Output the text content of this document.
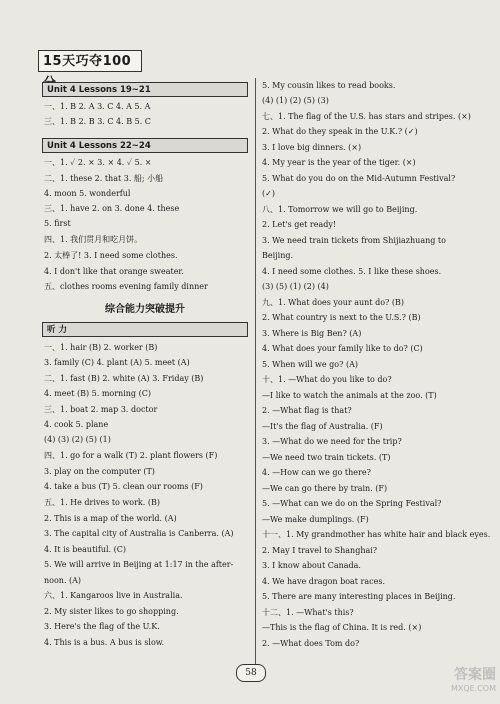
15天巧夺100
Unit 4 Lessons 19~21
一、1. B 2. A 3. C 4. A 5. A
三、1. B 2. B 3. C 4. B 5. C
Unit 4 Lessons 22~24
一、1. ✓ 2. × 3. × 4. ✓ 5. ×
二、1. these 2. that 3. 船; 小船
4. moon 5. wonderful
三、1. have 2. on 3. done 4. these
5. first
四、1. 我们贯月和吃月饼。
2. 太棒了! 3. I need some clothes.
4. I don't like that orange sweater.
五、clothes rooms evening family dinner
综合能力突破提升
听 力
一、1. hair (B) 2. worker (B)
3. family (C) 4. plant (A) 5. meet (A)
二、1. fast (B) 2. white (A) 3. Friday (B)
4. meet (B) 5. morning (C)
三、1. boat 2. map 3. doctor
4. cook 5. plane
(4) (3) (2) (5) (1)
四、1. go for a walk (T) 2. plant flowers (F)
3. play on the computer (T)
4. take a bus (T) 5. clean our rooms (F)
五、1. He drives to work. (B)
2. This is a map of the world. (A)
3. The capital city of Australia is Canberra. (A)
4. It is beautiful. (C)
5. We will arrive in Beijing at 1:17 in the after-
noon. (A)
六、1. Kangaroos live in Australia.
2. My sister likes to go shopping.
3. Here's the flag of the U.K.
4. This is a bus. A bus is slow.
5. My cousin likes to read books.
(4) (1) (2) (5) (3)
七、1. The flag of the U.S. has stars and stripes. (×)
2. What do they speak in the U.K.? (✓)
3. I love big dinners. (×)
4. My year is the year of the tiger. (×)
5. What do you do on the Mid-Autumn Festival?
(✓)
八、1. Tomorrow we will go to Beijing.
2. Let's get ready!
3. We need train tickets from Shijiazhuang to
Beijing.
4. I need some clothes. 5. I like these shoes.
(3) (5) (1) (2) (4)
九、1. What does your aunt do? (B)
2. What country is next to the U.S.? (B)
3. Where is Big Ben? (A)
4. What does your family like to do? (C)
5. When will we go? (A)
十、1. —What do you like to do?
—I like to watch the animals at the zoo. (T)
2. —What flag is that?
—It's the flag of Australia. (F)
3. —What do we need for the trip?
—We need two train tickets. (T)
4. —How can we go there?
—We can go there by train. (F)
5. —What can we do on the Spring Festival?
—We make dumplings. (F)
十一、1. My grandmother has white hair and black eyes.
2. May I travel to Shanghai?
3. I know about Canada.
4. We have dragon boat races.
5. There are many interesting places in Beijing.
十二、1. —What's this?
—This is the flag of China. It is red. (×)
2. —What does Tom do?
58	答案圈
MXQE.COM
